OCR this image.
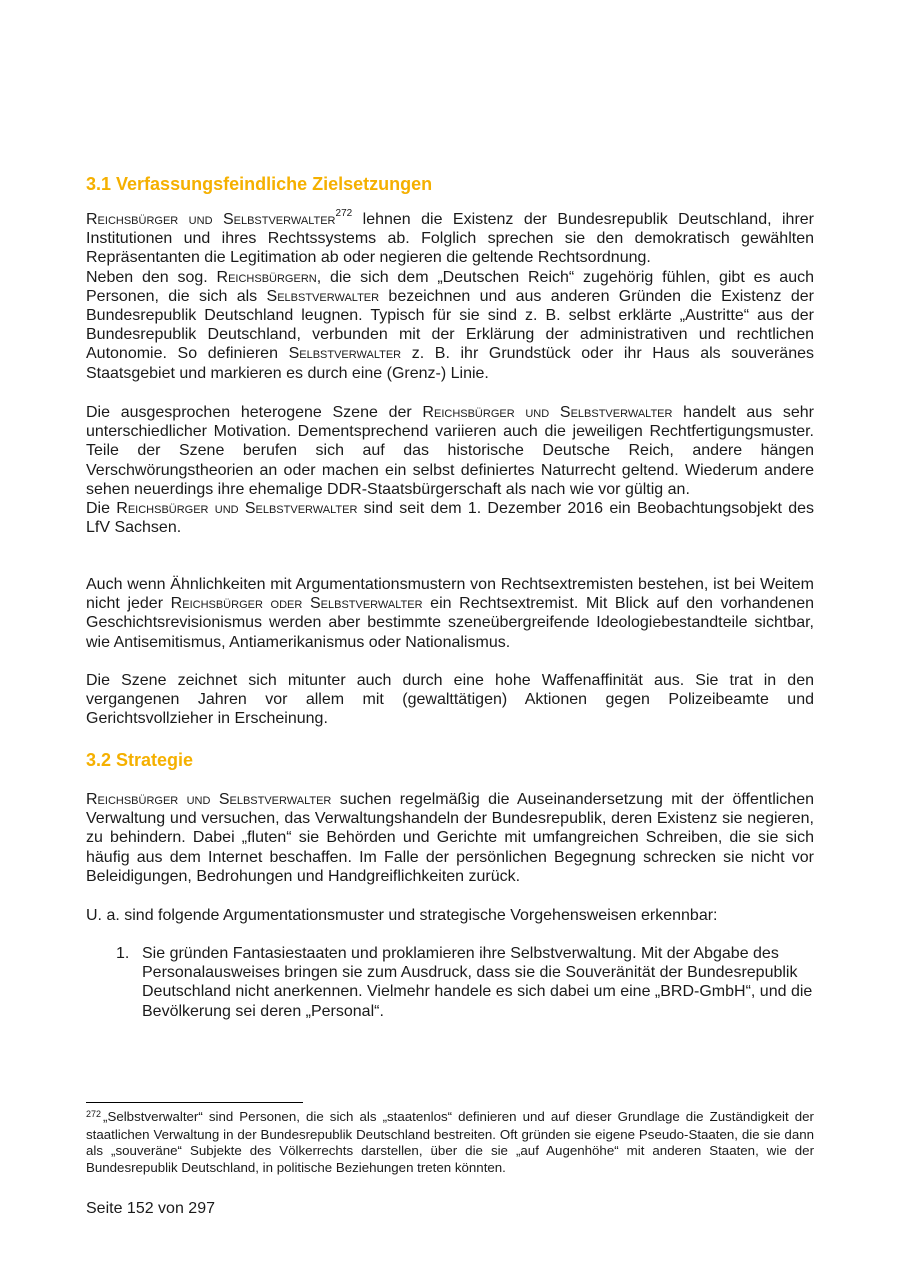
3.1 Verfassungsfeindliche Zielsetzungen

Reichsbürger und Selbstverwalter$^{272}$ lehnen die Existenz der Bundesrepublik Deutschland, ihrer Institutionen und ihres Rechtssystems ab. Folglich sprechen sie den demokratisch gewählten Repräsentanten die Legitimation ab oder negieren die geltende Rechtsordnung.

Neben den sog. Reichsbürgern, die sich dem „Deutschen Reich“ zugehörig fühlen, gibt es auch Personen, die sich als Selbstverwalter bezeichnen und aus anderen Gründen die Existenz der Bundesrepublik Deutschland leugnen. Typisch für sie sind z. B. selbst erklärte „Austritte“ aus der Bundesrepublik Deutschland, verbunden mit der Erklärung der administrativen und rechtlichen Autonomie. So definieren Selbstverwalter z. B. ihr Grundstück oder ihr Haus als souveränes Staatsgebiet und markieren es durch eine (Grenz-) Linie.

Die ausgesprochen heterogene Szene der Reichsbürger und Selbstverwalter handelt aus sehr unterschiedlicher Motivation. Dementsprechend variieren auch die jeweiligen Rechtfertigungsmuster. Teile der Szene berufen sich auf das historische Deutsche Reich, andere hängen Verschwörungstheorien an oder machen ein selbst definiertes Naturrecht geltend. Wiederum andere sehen neuerdings ihre ehemalige DDR-Staatsbürgerschaft als nach wie vor gültig an.

Die Reichsbürger und Selbstverwalter sind seit dem 1. Dezember 2016 ein Beobachtungsobjekt des LfV Sachsen.

Auch wenn Ähnlichkeiten mit Argumentationsmustern von Rechtsextremisten bestehen, ist bei Weitem nicht jeder Reichsbürger oder Selbstverwalter ein Rechtsextremist. Mit Blick auf den vorhandenen Geschichtsrevisionismus werden aber bestimmte szeneübergreifende Ideologiebestandteile sichtbar, wie Antisemitismus, Antiamerikanismus oder Nationalismus.

Die Szene zeichnet sich mitunter auch durch eine hohe Waffenaffinität aus. Sie trat in den vergangenen Jahren vor allem mit (gewalttätigen) Aktionen gegen Polizeibeamte und Gerichtsvollzieher in Erscheinung.

3.2 Strategie

Reichsbürger und Selbstverwalter suchen regelmäßig die Auseinandersetzung mit der öffentlichen Verwaltung und versuchen, das Verwaltungshandeln der Bundesrepublik, deren Existenz sie negieren, zu behindern. Dabei „fluten“ sie Behörden und Gerichte mit umfangreichen Schreiben, die sie sich häufig aus dem Internet beschaffen. Im Falle der persönlichen Begegnung schrecken sie nicht vor Beleidigungen, Bedrohungen und Handgreiflichkeiten zurück.

U. a. sind folgende Argumentationsmuster und strategische Vorgehensweisen erkennbar:

1. Sie gründen Fantasiestaaten und proklamieren ihre Selbstverwaltung. Mit der Abgabe des Personalausweises bringen sie zum Ausdruck, dass sie die Souveränität der Bundesrepublik Deutschland nicht anerkennen. Vielmehr handele es sich dabei um eine „BRD-GmbH“, und die Bevölkerung sei deren „Personal“.
$^{272}$ „Selbstverwalter“ sind Personen, die sich als „staatenlos“ definieren und auf dieser Grundlage die Zuständigkeit der staatlichen Verwaltung in der Bundesrepublik Deutschland bestreiten. Oft gründen sie eigene Pseudo-Staaten, die sie dann als „souveräne“ Subjekte des Völkerrechts darstellen, über die sie „auf Augenhöhe“ mit anderen Staaten, wie der Bundesrepublik Deutschland, in politische Beziehungen treten könnten.
Seite 152 von 297
